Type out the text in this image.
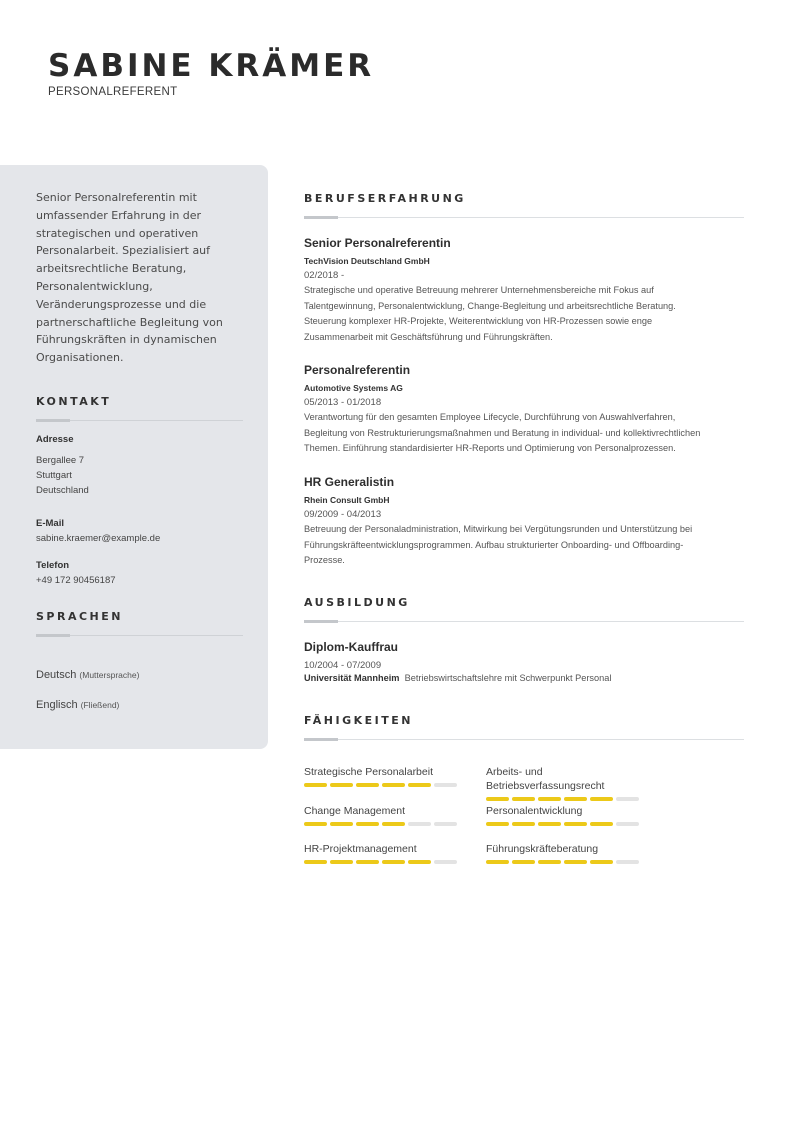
SABINE KRÄMER
PERSONALREFERENT
Senior Personalreferentin mit umfassender Erfahrung in der strategischen und operativen Personalarbeit. Spezialisiert auf arbeitsrechtliche Beratung, Personalentwicklung, Veränderungsprozesse und die partnerschaftliche Begleitung von Führungskräften in dynamischen Organisationen.
KONTAKT
Adresse
Bergallee 7
Stuttgart
Deutschland
E-Mail
sabine.kraemer@example.de
Telefon
+49 172 90456187
SPRACHEN
Deutsch (Muttersprache)
Englisch (Fließend)
BERUFSERFAHRUNG
Senior Personalreferentin
TechVision Deutschland GmbH
02/2018 -
Strategische und operative Betreuung mehrerer Unternehmensbereiche mit Fokus auf
Talentgewinnung, Personalentwicklung, Change-Begleitung und arbeitsrechtliche Beratung.
Steuerung komplexer HR-Projekte, Weiterentwicklung von HR-Prozessen sowie enge
Zusammenarbeit mit Geschäftsführung und Führungskräften.
Personalreferentin
Automotive Systems AG
05/2013 - 01/2018
Verantwortung für den gesamten Employee Lifecycle, Durchführung von Auswahlverfahren,
Begleitung von Restrukturierungsmaßnahmen und Beratung in individual- und kollektivrechtlichen
Themen. Einführung standardisierter HR-Reports und Optimierung von Personalprozessen.
HR Generalistin
Rhein Consult GmbH
09/2009 - 04/2013
Betreuung der Personaladministration, Mitwirkung bei Vergütungsrunden und Unterstützung bei
Führungskräfteentwicklungsprogrammen. Aufbau strukturierter Onboarding- und Offboarding-
Prozesse.
AUSBILDUNG
Diplom-Kauffrau
10/2004 - 07/2009
Universität Mannheim Betriebswirtschaftslehre mit Schwerpunkt Personal
FÄHIGKEITEN
Strategische Personalarbeit	Arbeits- und Betriebsverfassungsrecht
Change Management	Personalentwicklung
HR-Projektmanagement	Führungskräfteberatung
